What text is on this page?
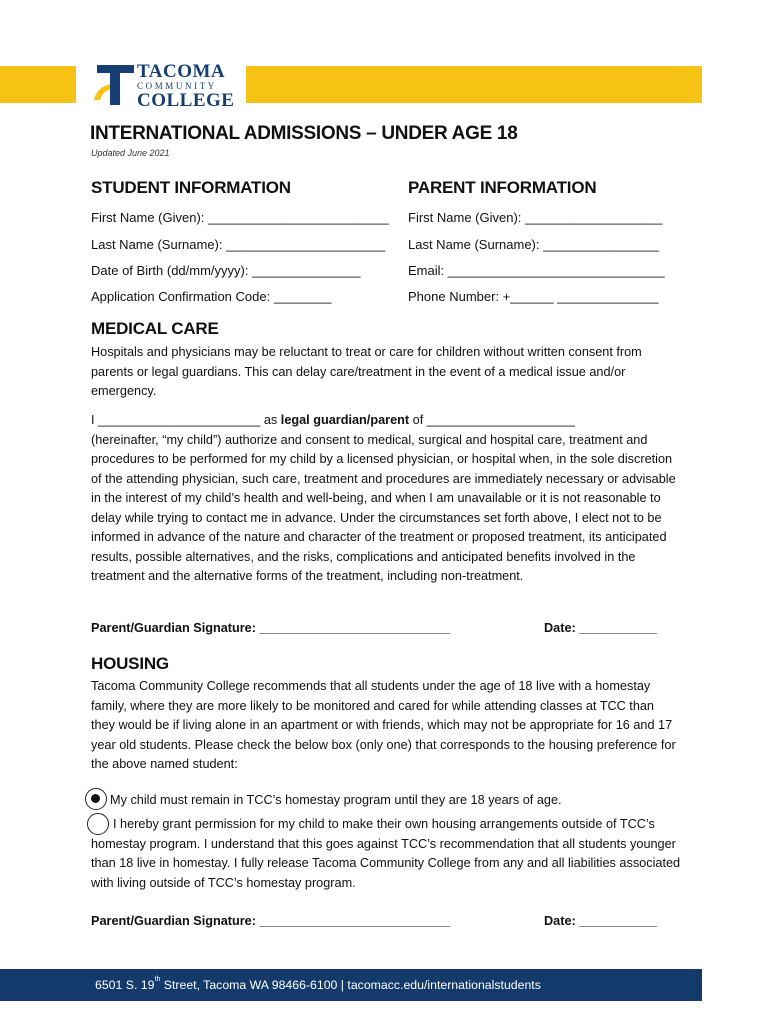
TACOMA
COMMUNITY
COLLEGE
INTERNATIONAL ADMISSIONS – UNDER AGE 18
Updated June 2021
STUDENT INFORMATION
First Name (Given): _________________________
Last Name (Surname): ______________________
Date of Birth (dd/mm/yyyy): _______________
Application Confirmation Code: ________
PARENT INFORMATION
First Name (Given): ___________________
Last Name (Surname): ________________
Email: ______________________________
Phone Number: +______ ______________
MEDICAL CARE
Hospitals and physicians may be reluctant to treat or care for children without written consent from parents or legal guardians. This can delay care/treatment in the event of a medical issue and/or emergency.
I _______________________ as legal guardian/parent of _____________________
(hereinafter, “my child”) authorize and consent to medical, surgical and hospital care, treatment and procedures to be performed for my child by a licensed physician, or hospital when, in the sole discretion of the attending physician, such care, treatment and procedures are immediately necessary or advisable in the interest of my child’s health and well-being, and when I am unavailable or it is not reasonable to delay while trying to contact me in advance. Under the circumstances set forth above, I elect not to be informed in advance of the nature and character of the treatment or proposed treatment, its anticipated results, possible alternatives, and the risks, complications and anticipated benefits involved in the treatment and the alternative forms of the treatment, including non-treatment.
Parent/Guardian Signature: ___________________________	Date: ___________
HOUSING
Tacoma Community College recommends that all students under the age of 18 live with a homestay family, where they are more likely to be monitored and cared for while attending classes at TCC than they would be if living alone in an apartment or with friends, which may not be appropriate for 16 and 17 year old students. Please check the below box (only one) that corresponds to the housing preference for the above named student:
My child must remain in TCC’s homestay program until they are 18 years of age.
I hereby grant permission for my child to make their own housing arrangements outside of TCC’s homestay program. I understand that this goes against TCC’s recommendation that all students younger than 18 live in homestay. I fully release Tacoma Community College from any and all liabilities associated with living outside of TCC’s homestay program.
Parent/Guardian Signature: ___________________________	Date: ___________
6501 S. 19th Street, Tacoma WA 98466-6100 | tacomacc.edu/internationalstudents
